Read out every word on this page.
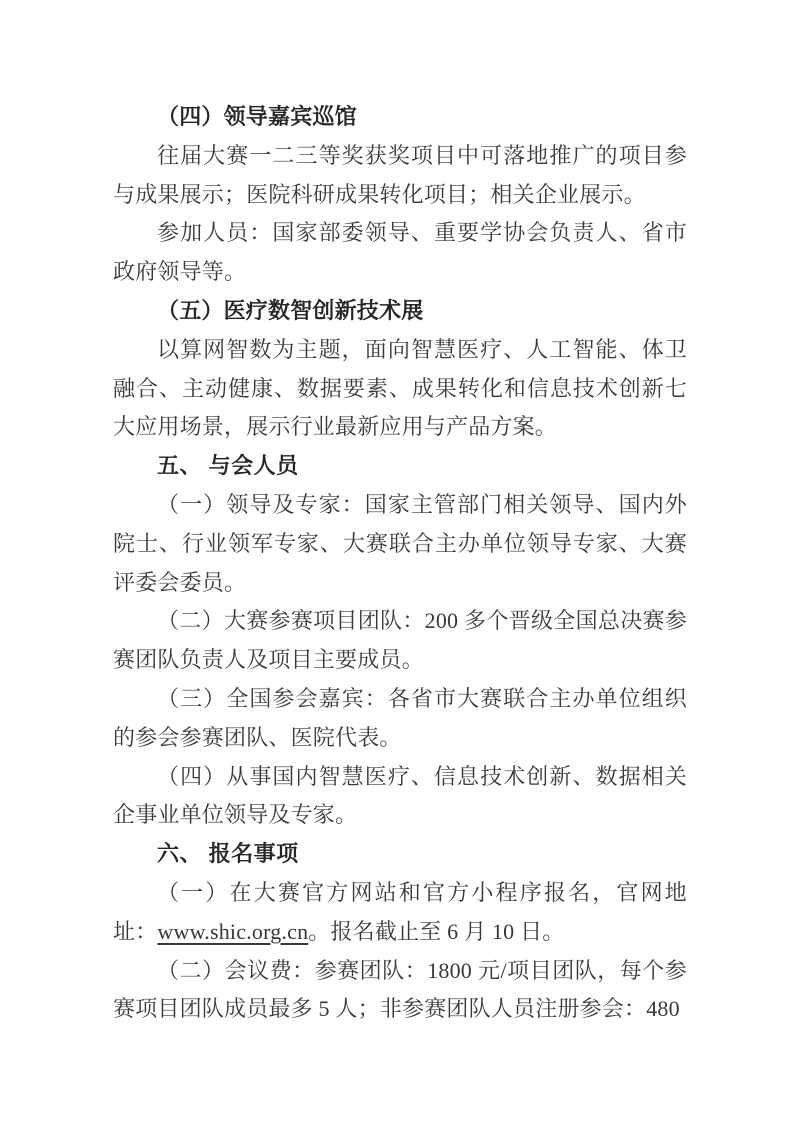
（四）领导嘉宾巡馆

往届大赛一二三等奖获奖项目中可落地推广的项目参与成果展示；医院科研成果转化项目；相关企业展示。

参加人员：国家部委领导、重要学协会负责人、省市政府领导等。

（五）医疗数智创新技术展

以算网智数为主题，面向智慧医疗、人工智能、体卫融合、主动健康、数据要素、成果转化和信息技术创新七大应用场景，展示行业最新应用与产品方案。

五、 与会人员

（一）领导及专家：国家主管部门相关领导、国内外院士、行业领军专家、大赛联合主办单位领导专家、大赛评委会委员。

（二）大赛参赛项目团队：200 多个晋级全国总决赛参赛团队负责人及项目主要成员。

（三）全国参会嘉宾：各省市大赛联合主办单位组织的参会参赛团队、医院代表。

（四）从事国内智慧医疗、信息技术创新、数据相关企事业单位领导及专家。

六、 报名事项

（一）在大赛官方网站和官方小程序报名，官网地址：www.shic.org.cn。报名截止至 6 月 10 日。

（二）会议费：参赛团队：1800 元/项目团队，每个参赛项目团队成员最多 5 人；非参赛团队人员注册参会：480
